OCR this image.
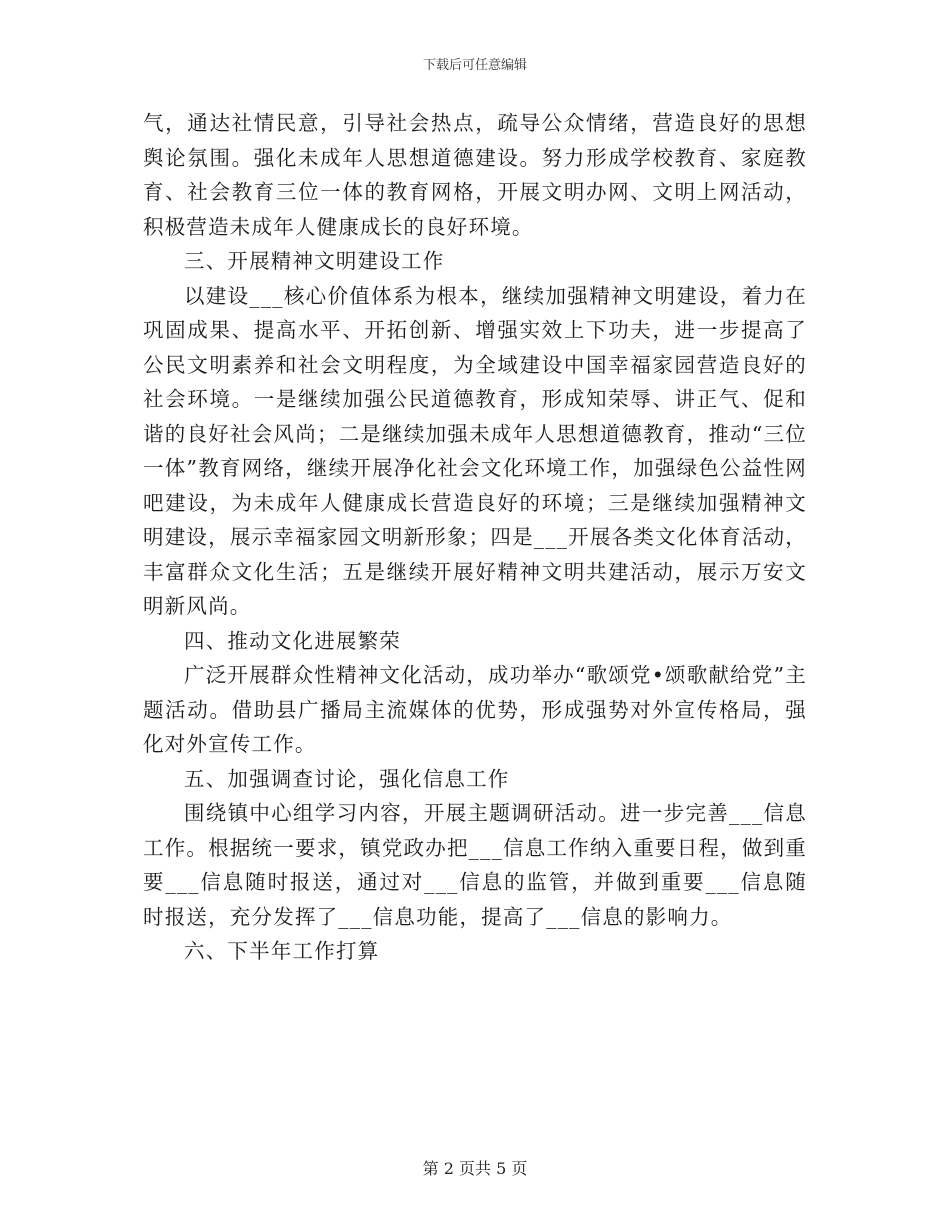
下载后可任意编辑

气，通达社情民意，引导社会热点，疏导公众情绪，营造良好的思想舆论氛围。强化未成年人思想道德建设。努力形成学校教育、家庭教育、社会教育三位一体的教育网格，开展文明办网、文明上网活动，积极营造未成年人健康成长的良好环境。

三、开展精神文明建设工作

以建设___核心价值体系为根本，继续加强精神文明建设，着力在巩固成果、提高水平、开拓创新、增强实效上下功夫，进一步提高了公民文明素养和社会文明程度，为全域建设中国幸福家园营造良好的社会环境。一是继续加强公民道德教育，形成知荣辱、讲正气、促和谐的良好社会风尚；二是继续加强未成年人思想道德教育，推动“三位一体”教育网络，继续开展净化社会文化环境工作，加强绿色公益性网吧建设，为未成年人健康成长营造良好的环境；三是继续加强精神文明建设，展示幸福家园文明新形象；四是___开展各类文化体育活动，丰富群众文化生活；五是继续开展好精神文明共建活动，展示万安文明新风尚。

四、推动文化进展繁荣

广泛开展群众性精神文化活动，成功举办“歌颂党•颂歌献给党”主题活动。借助县广播局主流媒体的优势，形成强势对外宣传格局，强化对外宣传工作。

五、加强调查讨论，强化信息工作

围绕镇中心组学习内容，开展主题调研活动。进一步完善___信息工作。根据统一要求，镇党政办把___信息工作纳入重要日程，做到重要___信息随时报送，通过对___信息的监管，并做到重要___信息随时报送，充分发挥了___信息功能，提高了___信息的影响力。

六、下半年工作打算

第 2 页共 5 页
